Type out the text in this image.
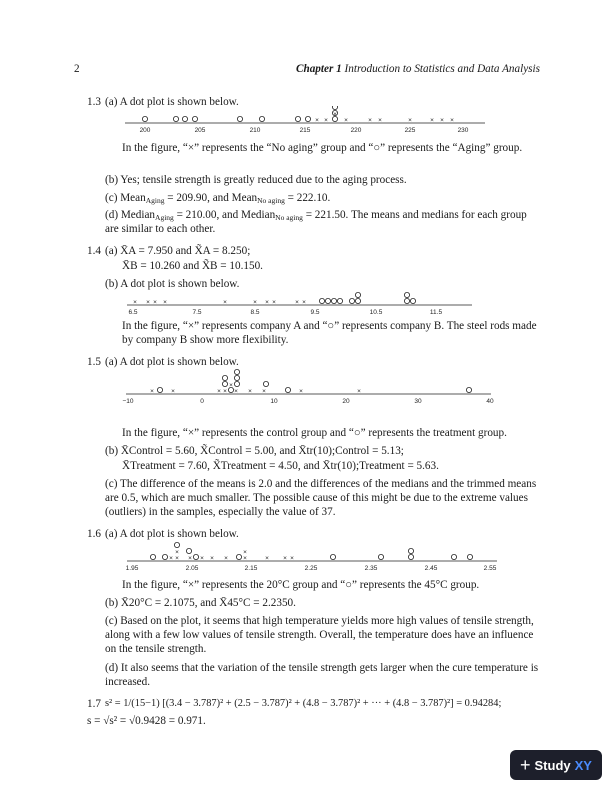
2	Chapter 1 Introduction to Statistics and Data Analysis
1.3 (a) A dot plot is shown below.
200	205	210	215	220	225	230
× × ×	× ×	×	× × ×
×
In the figure, “×” represents the “No aging” group and “○” represents the “Aging” group.
(b) Yes; tensile strength is greatly reduced due to the aging process.
(c) Mean$_{Aging}$ = 209.90, and Mean$_{No aging}$ = 222.10.
(d) Median$_{Aging}$ = 210.00, and Median$_{No aging}$ = 221.50. The means and medians for each group are similar to each other.
1.4 (a) X̄A = 7.950 and X̃A = 8.250;
X̄B = 10.260 and X̃B = 10.150.
(b) A dot plot is shown below.
6.5	7.5	8.5	9.5	10.5	11.5
× × × ×	×	× × ×	× ×
In the figure, “×” represents company A and “○” represents company B. The steel rods made by company B show more flexibility.
1.5 (a) A dot plot is shown below.
−10	0	10	20	30	40
×	×	× × × × ×	×	×
×
In the figure, “×” represents the control group and “○” represents the treatment group.
(b) X̄Control = 5.60, X̃Control = 5.00, and X̄tr(10);Control = 5.13;
X̄Treatment = 7.60, X̃Treatment = 4.50, and X̄tr(10);Treatment = 5.63.
(c) The difference of the means is 2.0 and the differences of the medians and the trimmed means are 0.5, which are much smaller. The possible cause of this might be due to the extreme values (outliers) in the samples, especially the value of 37.
1.6 (a) A dot plot is shown below.
1.95	2.05	2.15	2.25	2.35	2.45	2.55
× × × × × × ×	× × ×
×
×
In the figure, “×” represents the 20°C group and “○” represents the 45°C group.
(b) X̄20°C = 2.1075, and X̄45°C = 2.2350.
(c) Based on the plot, it seems that high temperature yields more high values of tensile strength, along with a few low values of tensile strength. Overall, the temperature does have an influence on the tensile strength.
(d) It also seems that the variation of the tensile strength gets larger when the cure temperature is increased.
1.7 s² = 1/(15−1) [(3.4 − 3.787)² + (2.5 − 3.787)² + (4.8 − 3.787)² + ··· + (4.8 − 3.787)²] = 0.94284;
s = √s² = √0.9428 = 0.971.
+ Study XY
